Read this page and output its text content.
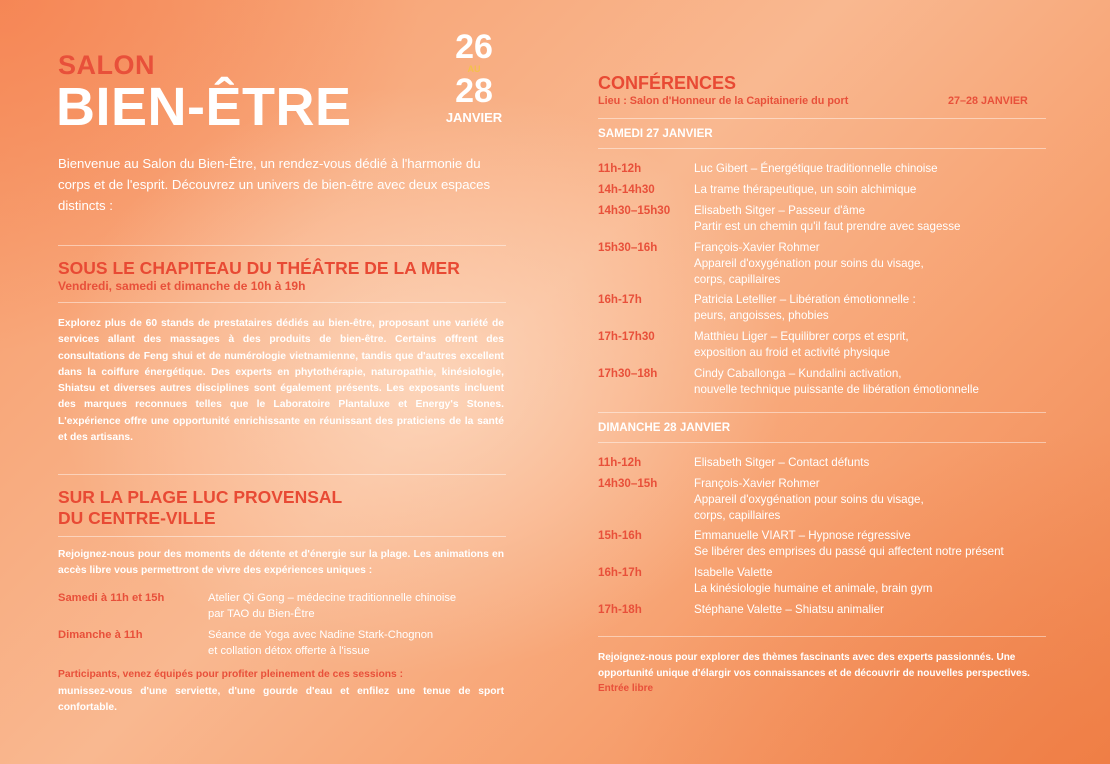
SALON
BIEN-ÊTRE
26
AU
28
JANVIER
Bienvenue au Salon du Bien-Être, un rendez-vous dédié à l'harmonie du corps et de l'esprit. Découvrez un univers de bien-être avec deux espaces distincts :
SOUS LE CHAPITEAU DU THÉÂTRE DE LA MER
Vendredi, samedi et dimanche de 10h à 19h
Explorez plus de 60 stands de prestataires dédiés au bien-être, proposant une variété de services allant des massages à des produits de bien-être. Certains offrent des consultations de Feng shui et de numérologie vietnamienne, tandis que d'autres excellent dans la coiffure énergétique. Des experts en phytothérapie, naturopathie, kinésiologie, Shiatsu et diverses autres disciplines sont également présents. Les exposants incluent des marques reconnues telles que le Laboratoire Plantaluxe et Energy's Stones. L'expérience offre une opportunité enrichissante en réunissant des praticiens de la santé et des artisans.
SUR LA PLAGE LUC PROVENSAL
DU CENTRE-VILLE
Rejoignez-nous pour des moments de détente et d'énergie sur la plage. Les animations en accès libre vous permettront de vivre des expériences uniques :
Samedi à 11h et 15h	Atelier Qi Gong – médecine traditionnelle chinoise
par TAO du Bien-Être
Dimanche à 11h	Séance de Yoga avec Nadine Stark-Chognon
et collation détox offerte à l'issue
Participants, venez équipés pour profiter pleinement de ces sessions :
munissez-vous d'une serviette, d'une gourde d'eau et enfilez une tenue de sport confortable.
CONFÉRENCES
Lieu : Salon d'Honneur de la Capitainerie du port	27–28 JANVIER
SAMEDI 27 JANVIER
11h-12h	Luc Gibert – Énergétique traditionnelle chinoise
14h-14h30	La trame thérapeutique, un soin alchimique
14h30–15h30 Elisabeth Sitger – Passeur d'âme
Partir est un chemin qu'il faut prendre avec sagesse
15h30–16h	François-Xavier Rohmer
Appareil d'oxygénation pour soins du visage,
corps, capillaires
16h-17h	Patricia Letellier – Libération émotionnelle :
peurs, angoisses, phobies
17h-17h30	Matthieu Liger – Equilibrer corps et esprit,
exposition au froid et activité physique
17h30–18h	Cindy Caballonga – Kundalini activation,
nouvelle technique puissante de libération émotionnelle
DIMANCHE 28 JANVIER
11h-12h	Elisabeth Sitger – Contact défunts
14h30–15h	François-Xavier Rohmer
Appareil d'oxygénation pour soins du visage,
corps, capillaires
15h-16h	Emmanuelle VIART – Hypnose régressive
Se libérer des emprises du passé qui affectent notre présent
16h-17h	Isabelle Valette
La kinésiologie humaine et animale, brain gym
17h-18h	Stéphane Valette – Shiatsu animalier
Rejoignez-nous pour explorer des thèmes fascinants avec des experts passionnés. Une opportunité unique d'élargir vos connaissances et de découvrir de nouvelles perspectives. Entrée libre
